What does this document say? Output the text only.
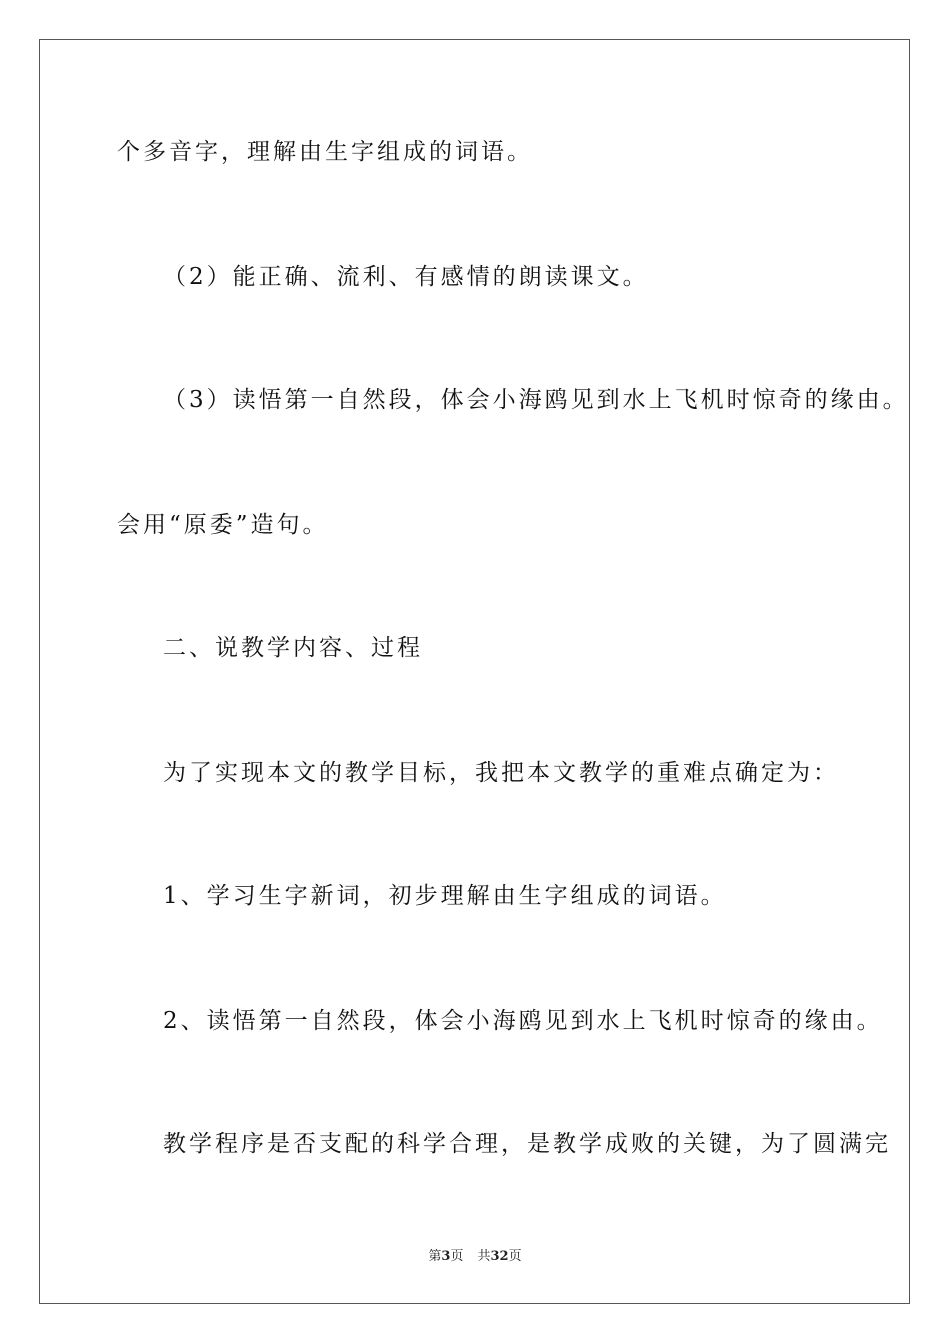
个多音字，理解由生字组成的词语。
（2）能正确、流利、有感情的朗读课文。
（3）读悟第一自然段，体会小海鸥见到水上飞机时惊奇的缘由。
会用“原委”造句。
二、说教学内容、过程
为了实现本文的教学目标，我把本文教学的重难点确定为：
1、学习生字新词，初步理解由生字组成的词语。
2、读悟第一自然段，体会小海鸥见到水上飞机时惊奇的缘由。
教学程序是否支配的科学合理，是教学成败的关键，为了圆满完
第3页 共32页
